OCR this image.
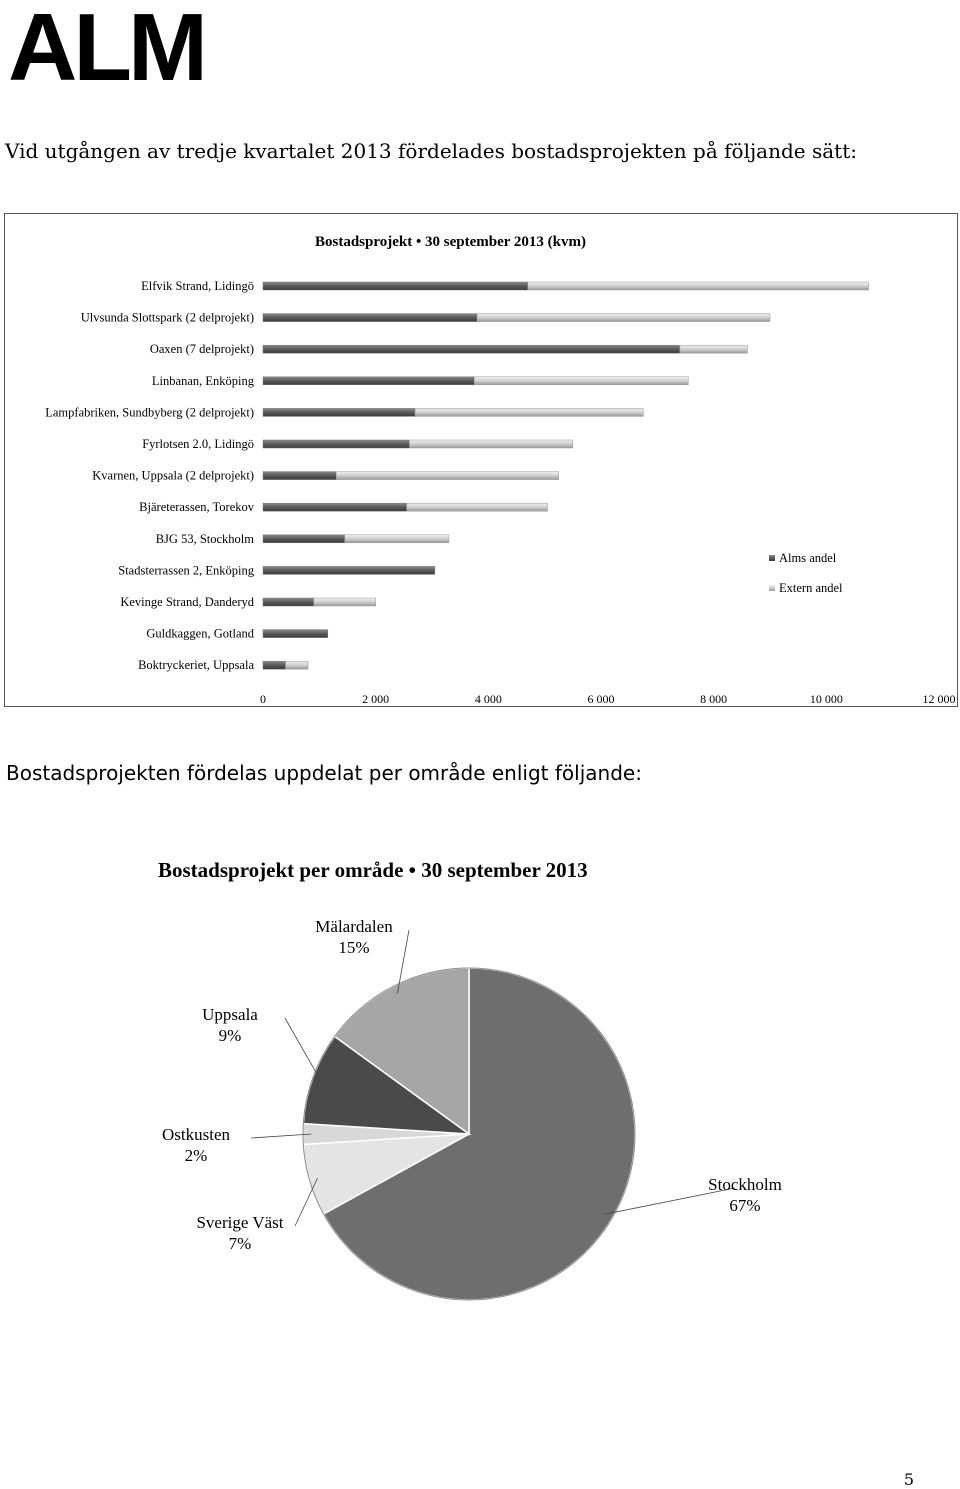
ALM
Vid utgången av tredje kvartalet 2013 fördelades bostadsprojekten på följande sätt:
Bostadsprojekt • 30 september 2013 (kvm)
Elfvik Strand, Lidingö
Ulvsunda Slottspark (2 delprojekt)
Oaxen (7 delprojekt)
Linbanan, Enköping
Lampfabriken, Sundbyberg (2 delprojekt)
Fyrlotsen 2.0, Lidingö
Kvarnen, Uppsala (2 delprojekt)
Bjäreterassen, Torekov
BJG 53, Stockholm
Stadsterrassen 2, Enköping
Kevinge Strand, Danderyd
Guldkaggen, Gotland
Boktryckeriet, Uppsala
0	2 000	4 000	6 000	8 000	10 000	12 000
Alms andel
Extern andel
Bostadsprojekten fördelas uppdelat per område enligt följande:
Bostadsprojekt per område • 30 september 2013
Stockholm
67%
Sverige Väst
7%
Ostkusten
2%
Uppsala
9%
Mälardalen
15%
5
